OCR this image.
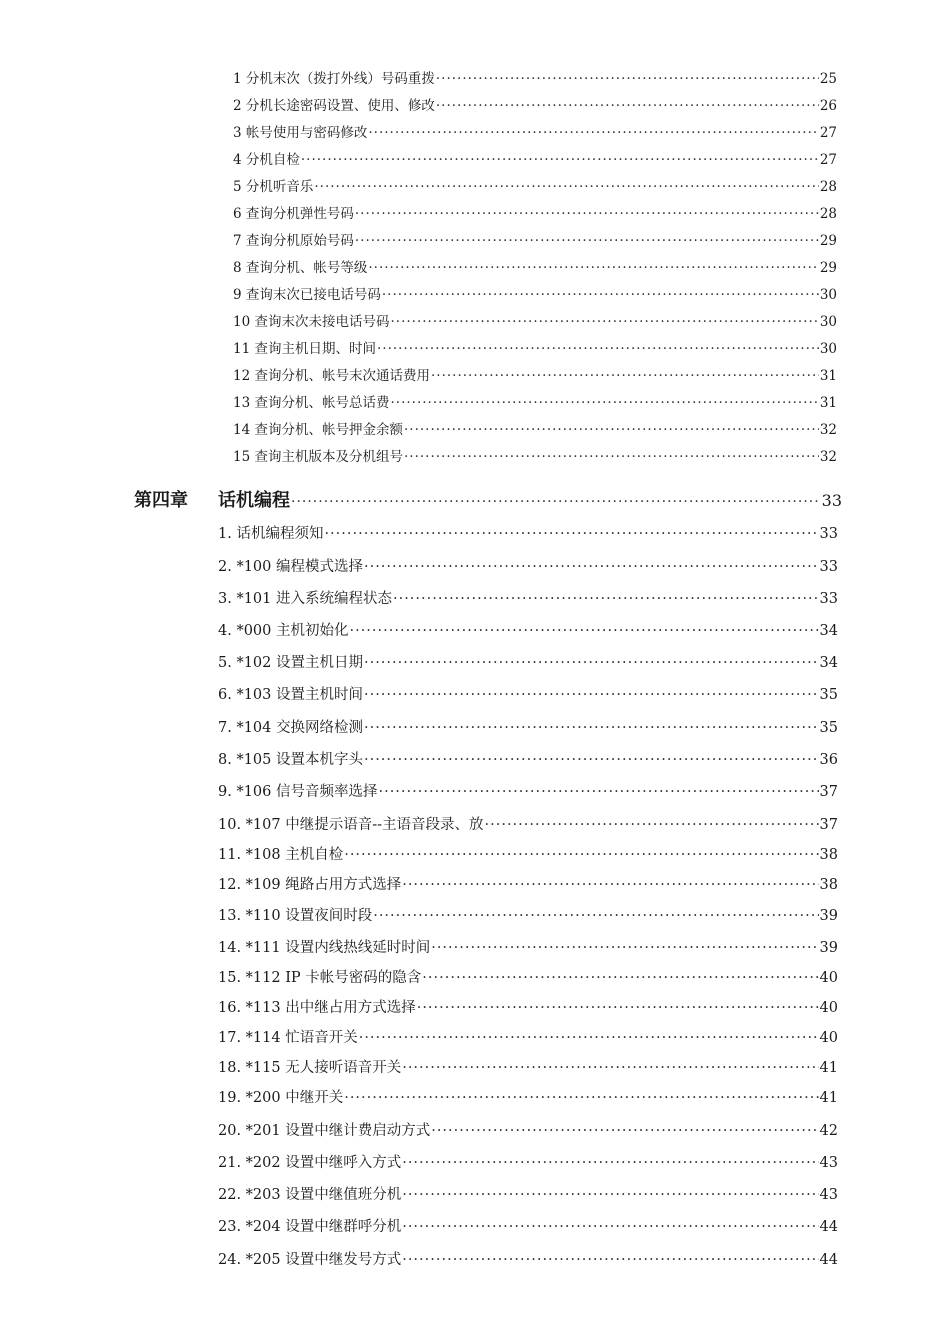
1 分机末次（拨打外线）号码重拨 ·····	25
2 分机长途密码设置、使用、修改 ·····	26
3 帐号使用与密码修改 ·····	27
4 分机自检 ·····	27
5 分机听音乐 ·····	28
6 查询分机弹性号码 ·····	28
7 查询分机原始号码 ·····	29
8 查询分机、帐号等级 ·····	29
9 查询末次已接电话号码 ·····	30
10 查询末次未接电话号码 ·····	30
11 查询主机日期、时间 ·····	30
12 查询分机、帐号末次通话费用 ·····	31
13 查询分机、帐号总话费 ·····	31
14 查询分机、帐号押金余额 ·····	32
15 查询主机版本及分机组号 ·····	32
第四章	话机编程 ·····	33
1. 话机编程须知 ·····	33
2. *100 编程模式选择 ·····	33
3. *101 进入系统编程状态 ·····	33
4. *000 主机初始化 ·····	34
5. *102 设置主机日期 ·····	34
6. *103 设置主机时间 ·····	35
7. *104 交换网络检测 ·····	35
8. *105 设置本机字头 ·····	36
9. *106 信号音频率选择 ·····	37
10. *107 中继提示语音--主语音段录、放 ·····	37
11. *108 主机自检 ·····	38
12. *109 绳路占用方式选择 ·····	38
13. *110 设置夜间时段 ·····	39
14. *111 设置内线热线延时时间 ·····	39
15. *112 IP 卡帐号密码的隐含 ·····	40
16. *113 出中继占用方式选择 ·····	40
17. *114 忙语音开关 ·····	40
18. *115 无人接听语音开关 ·····	41
19. *200 中继开关 ·····	41
20. *201 设置中继计费启动方式 ·····	42
21. *202 设置中继呼入方式 ·····	43
22. *203 设置中继值班分机 ·····	43
23. *204 设置中继群呼分机 ·····	44
24. *205 设置中继发号方式 ·····	44
